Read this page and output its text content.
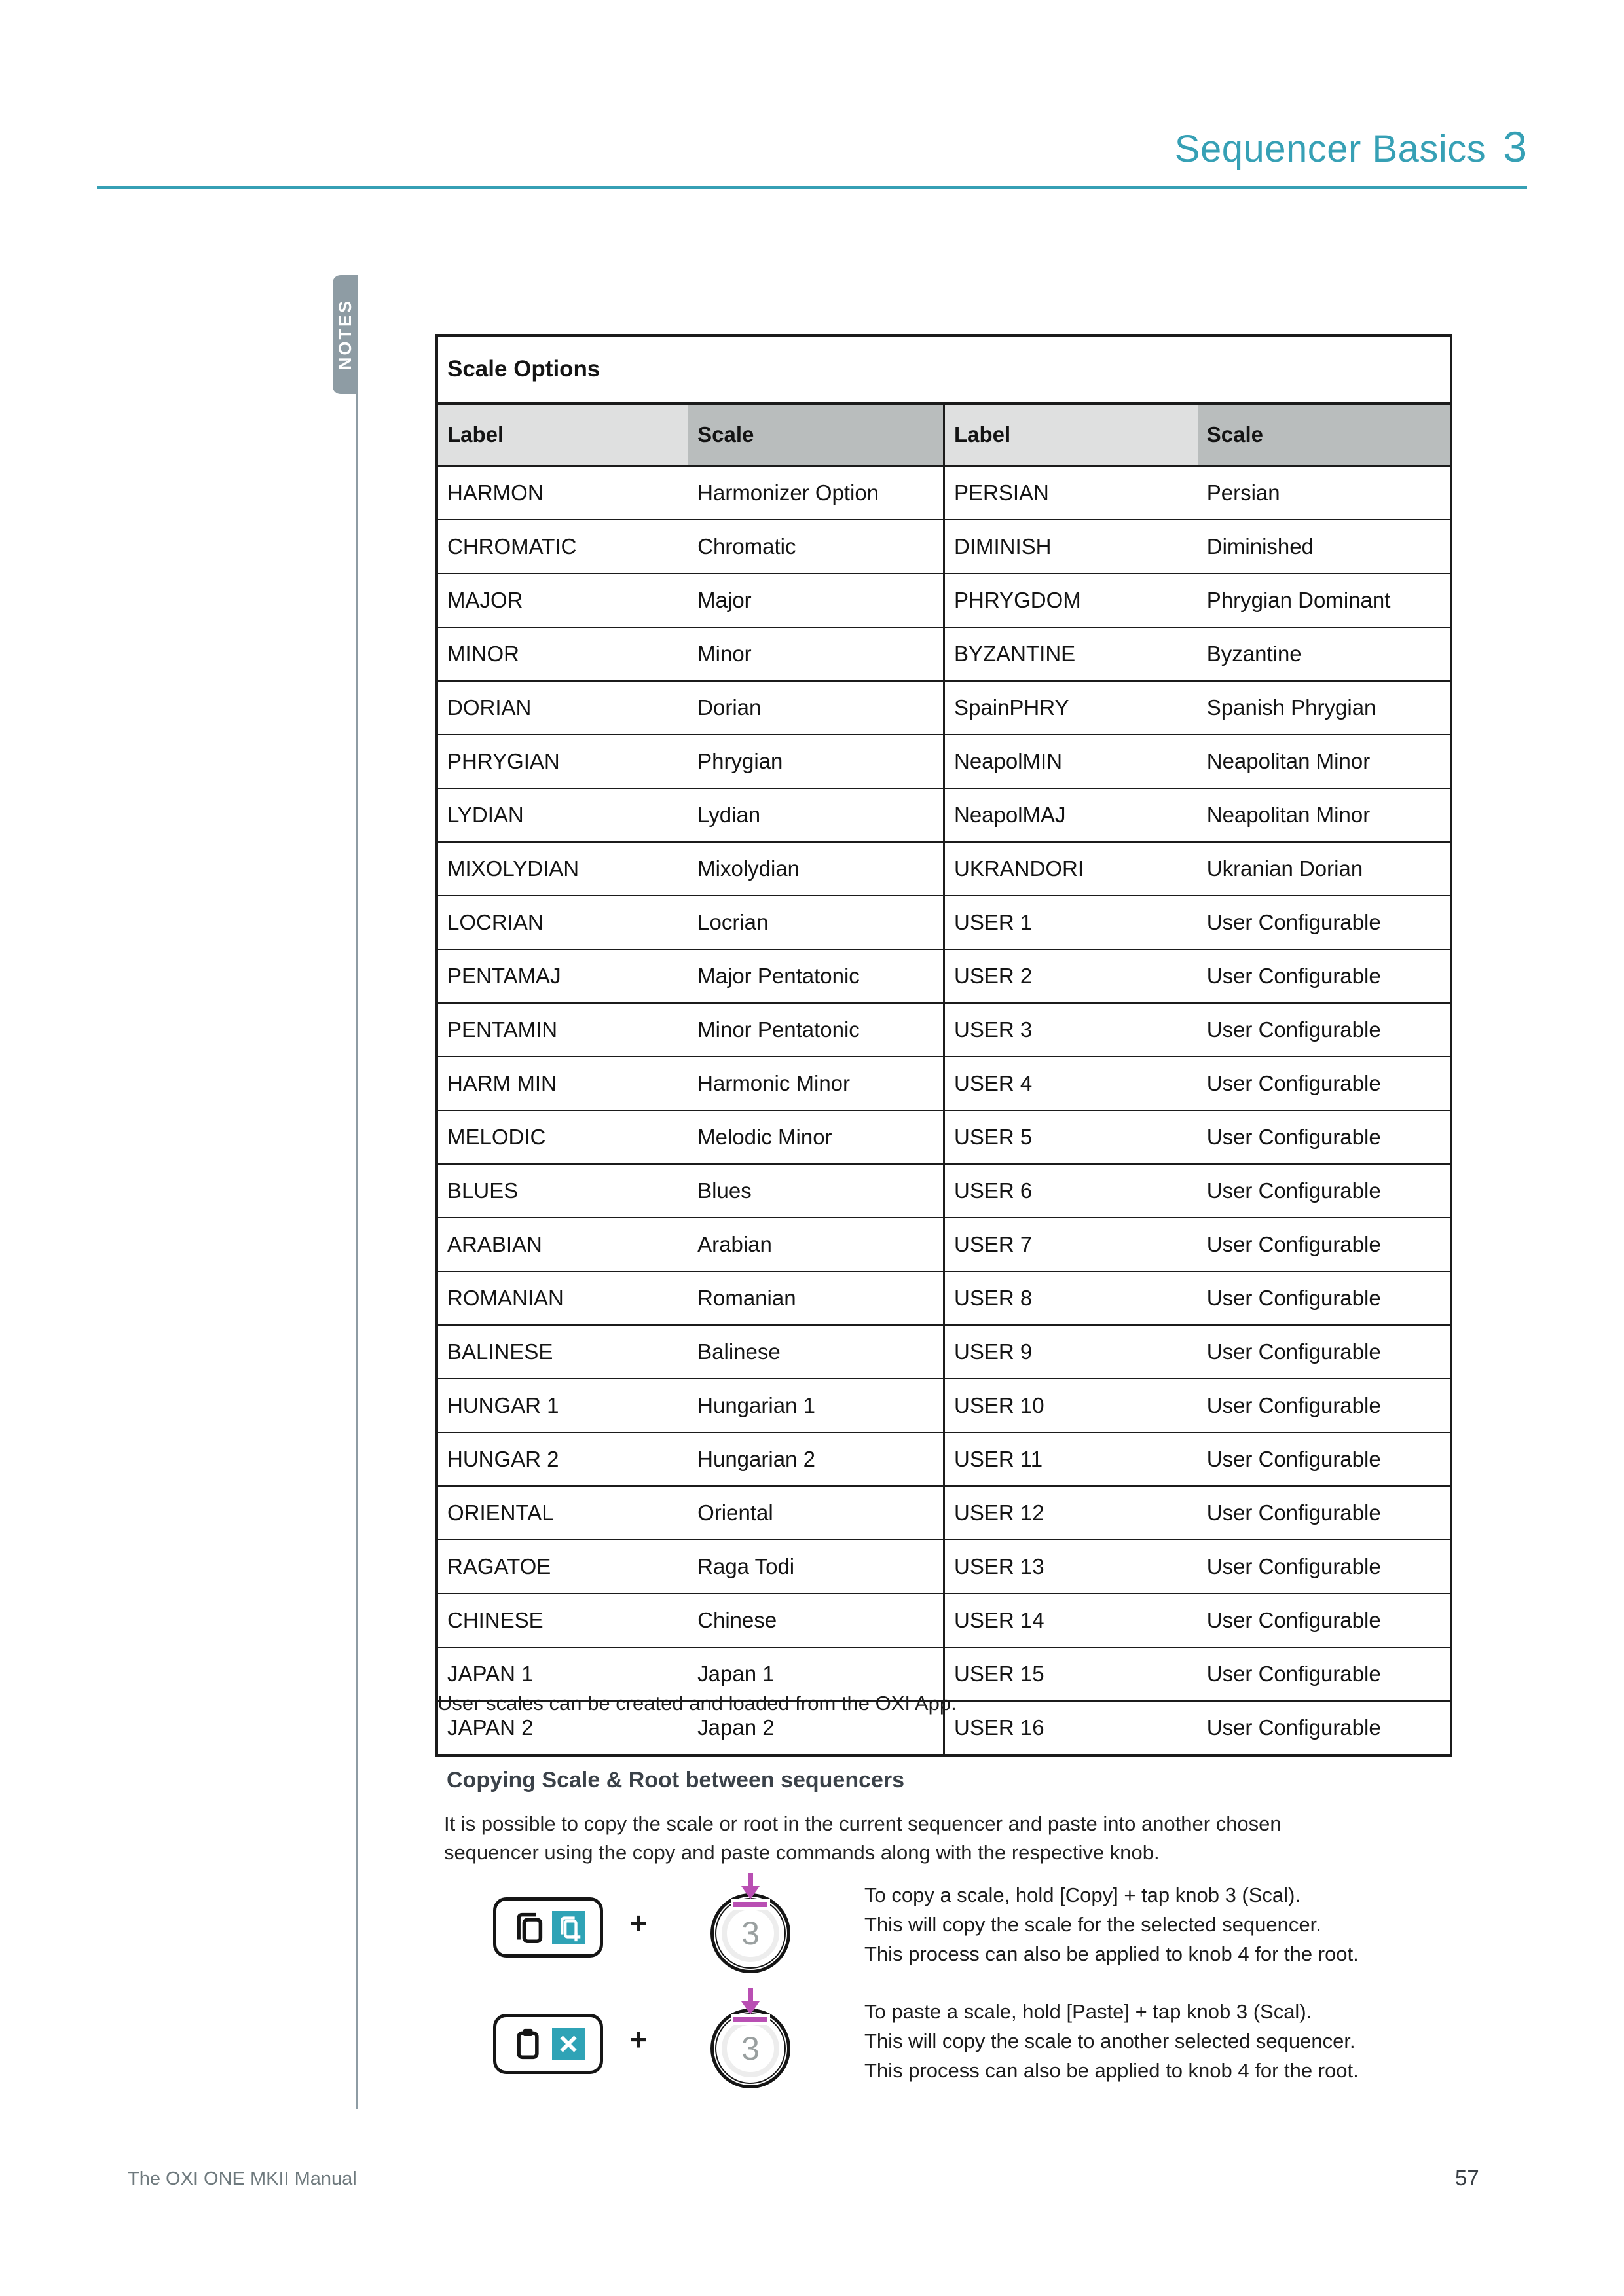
Sequencer Basics 3
NOTES	Scale Options			
Label	Scale	Label	Scale
HARMON	Harmonizer Option	PERSIAN	Persian
CHROMATIC	Chromatic	DIMINISH	Diminished
MAJOR	Major	PHRYGDOM	Phrygian Dominant
MINOR	Minor	BYZANTINE	Byzantine
DORIAN	Dorian	SpainPHRY	Spanish Phrygian
PHRYGIAN	Phrygian	NeapolMIN	Neapolitan Minor
LYDIAN	Lydian	NeapolMAJ	Neapolitan Minor
MIXOLYDIAN	Mixolydian	UKRANDORI	Ukranian Dorian
LOCRIAN	Locrian	USER 1	User Configurable
PENTAMAJ	Major Pentatonic	USER 2	User Configurable
PENTAMIN	Minor Pentatonic	USER 3	User Configurable
HARM MIN	Harmonic Minor	USER 4	User Configurable
MELODIC	Melodic Minor	USER 5	User Configurable
BLUES	Blues	USER 6	User Configurable
ARABIAN	Arabian	USER 7	User Configurable
ROMANIAN	Romanian	USER 8	User Configurable
BALINESE	Balinese	USER 9	User Configurable
HUNGAR 1	Hungarian 1	USER 10	User Configurable
HUNGAR 2	Hungarian 2	USER 11	User Configurable
ORIENTAL	Oriental	USER 12	User Configurable
RAGATOE	Raga Todi	USER 13	User Configurable
CHINESE	Chinese	USER 14	User Configurable
JAPAN 1	Japan 1	USER 15	User Configurable
JAPAN 2	Japan 2	USER 16	User Configurable
User scales can be created and loaded from the OXI App.
Copying Scale & Root between sequencers
It is possible to copy the scale or root in the current sequencer and paste into another chosen
sequencer using the copy and paste commands along with the respective knob.
+	3
To copy a scale, hold [Copy] + tap knob 3 (Scal).
This will copy the scale for the selected sequencer.
This process can also be applied to knob 4 for the root.
+	3
To paste a scale, hold [Paste] + tap knob 3 (Scal).
This will copy the scale to another selected sequencer.
This process can also be applied to knob 4 for the root.
The OXI ONE MKII Manual	57
